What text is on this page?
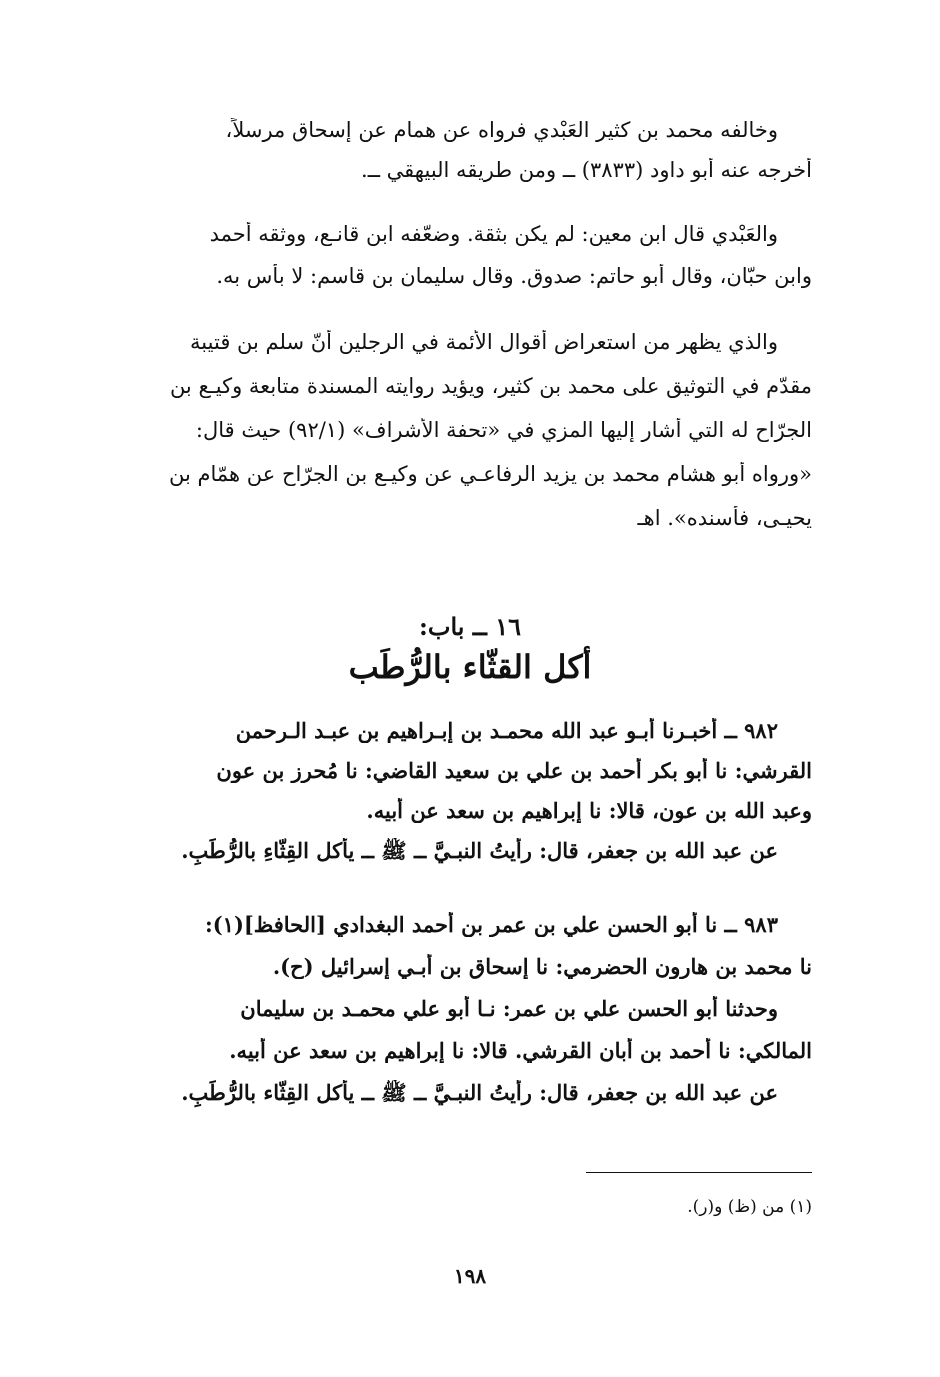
وخالفه محمد بن كثير العَبْدي فرواه عن همام عن إسحاق مرسلاً،
أخرجه عنه أبو داود (٣٨٣٣) ــ ومن طريقه البيهقي ــ.
والعَبْدي قال ابن معين: لم يكن بثقة. وضعّفه ابن قانـع، ووثقه أحمد
وابن حبّان، وقال أبو حاتم: صدوق. وقال سليمان بن قاسم: لا بأس به.
والذي يظهر من استعراض أقوال الأئمة في الرجلين أنّ سلم بن قتيبة
مقدّم في التوثيق على محمد بن كثير، ويؤيد روايته المسندة متابعة وكيـع بن
الجرّاح له التي أشار إليها المزي في «تحفة الأشراف» (٩٢/١) حيث قال:
«ورواه أبو هشام محمد بن يزيد الرفاعـي عن وكيـع بن الجرّاح عن همّام بن
يحيـى، فأسنده». اهـ
١٦ ــ باب:
أكل القثّاء بالرُّطَب
٩٨٢ ــ أخبـرنا أبـو عبد الله محمـد بن إبـراهيم بن عبـد الـرحمن
القرشي: نا أبو بكر أحمد بن علي بن سعيد القاضي: نا مُحرز بن عون
وعبد الله بن عون، قالا: نا إبراهيم بن سعد عن أبيه.
عن عبد الله بن جعفر، قال: رأيتُ النبـيَّ ــ ﷺ ــ يأكل القِثّاءِ بالرُّطَبِ.
٩٨٣ ــ نا أبو الحسن علي بن عمر بن أحمد البغدادي [الحافظ](١):
نا محمد بن هارون الحضرمي: نا إسحاق بن أبـي إسرائيل (ح).
وحدثنا أبو الحسن علي بن عمر: نـا أبو علي محمـد بن سليمان
المالكي: نا أحمد بن أبان القرشي. قالا: نا إبراهيم بن سعد عن أبيه.
عن عبد الله بن جعفر، قال: رأيتُ النبـيَّ ــ ﷺ ــ يأكل القِثّاء بالرُّطَبِ.
(١) من (ظ) و(ر).
١٩٨
